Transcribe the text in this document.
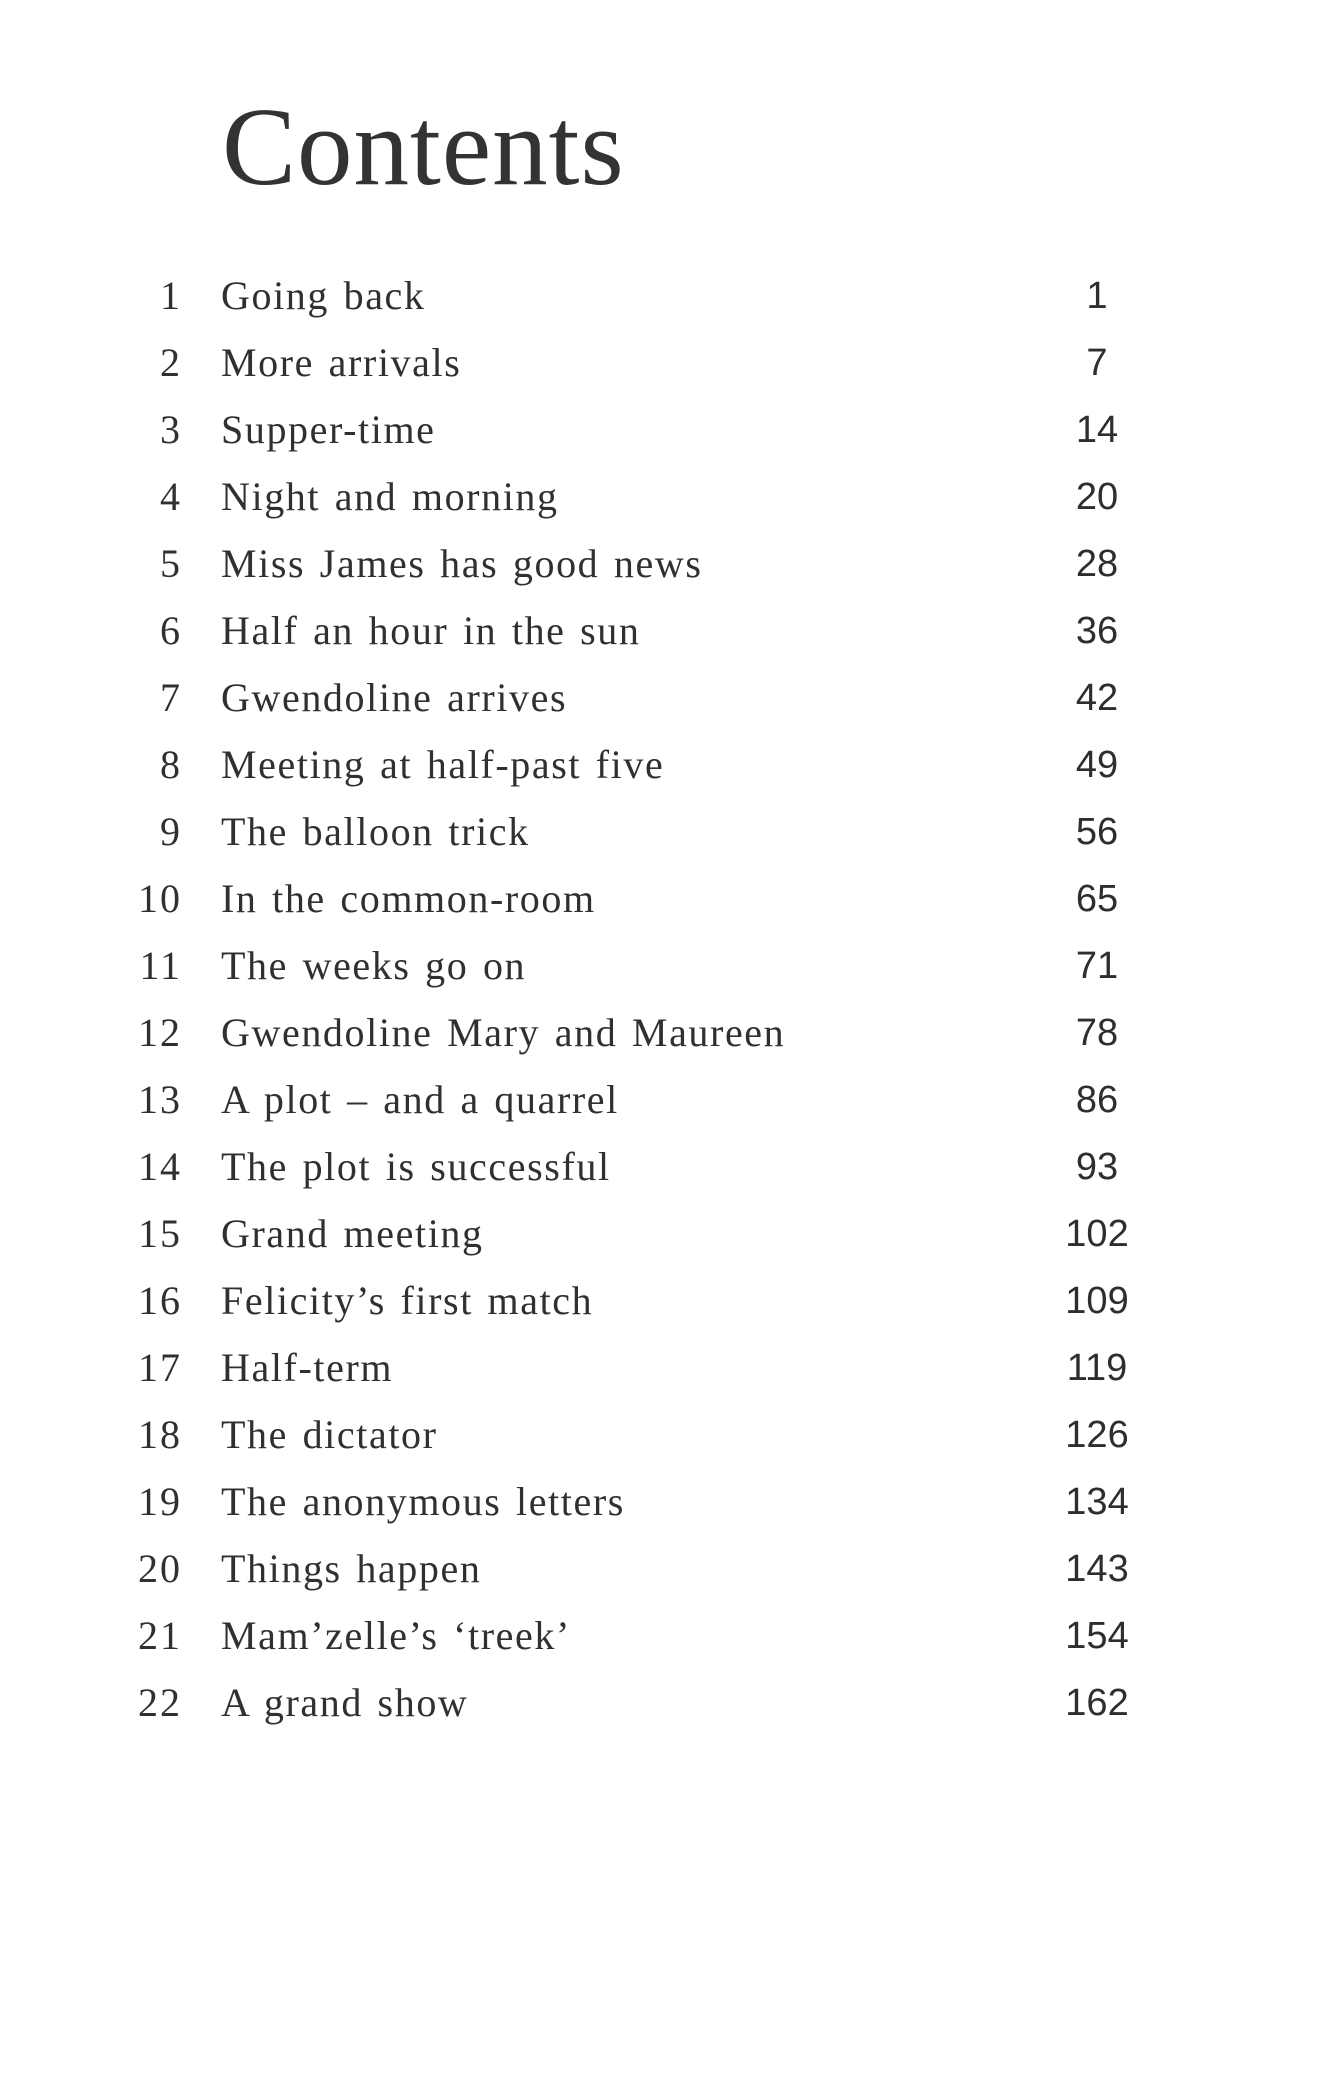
Contents
1 Going back	1
2 More arrivals	7
3 Supper-time	14
4 Night and morning	20
5 Miss James has good news	28
6 Half an hour in the sun	36
7 Gwendoline arrives	42
8 Meeting at half-past five	49
9 The balloon trick	56
10 In the common-room	65
11 The weeks go on	71
12 Gwendoline Mary and Maureen	78
13 A plot – and a quarrel	86
14 The plot is successful	93
15 Grand meeting	102
16 Felicity’s first match	109
17 Half-term	119
18 The dictator	126
19 The anonymous letters	134
20 Things happen	143
21 Mam’zelle’s ‘treek’	154
22 A grand show	162
